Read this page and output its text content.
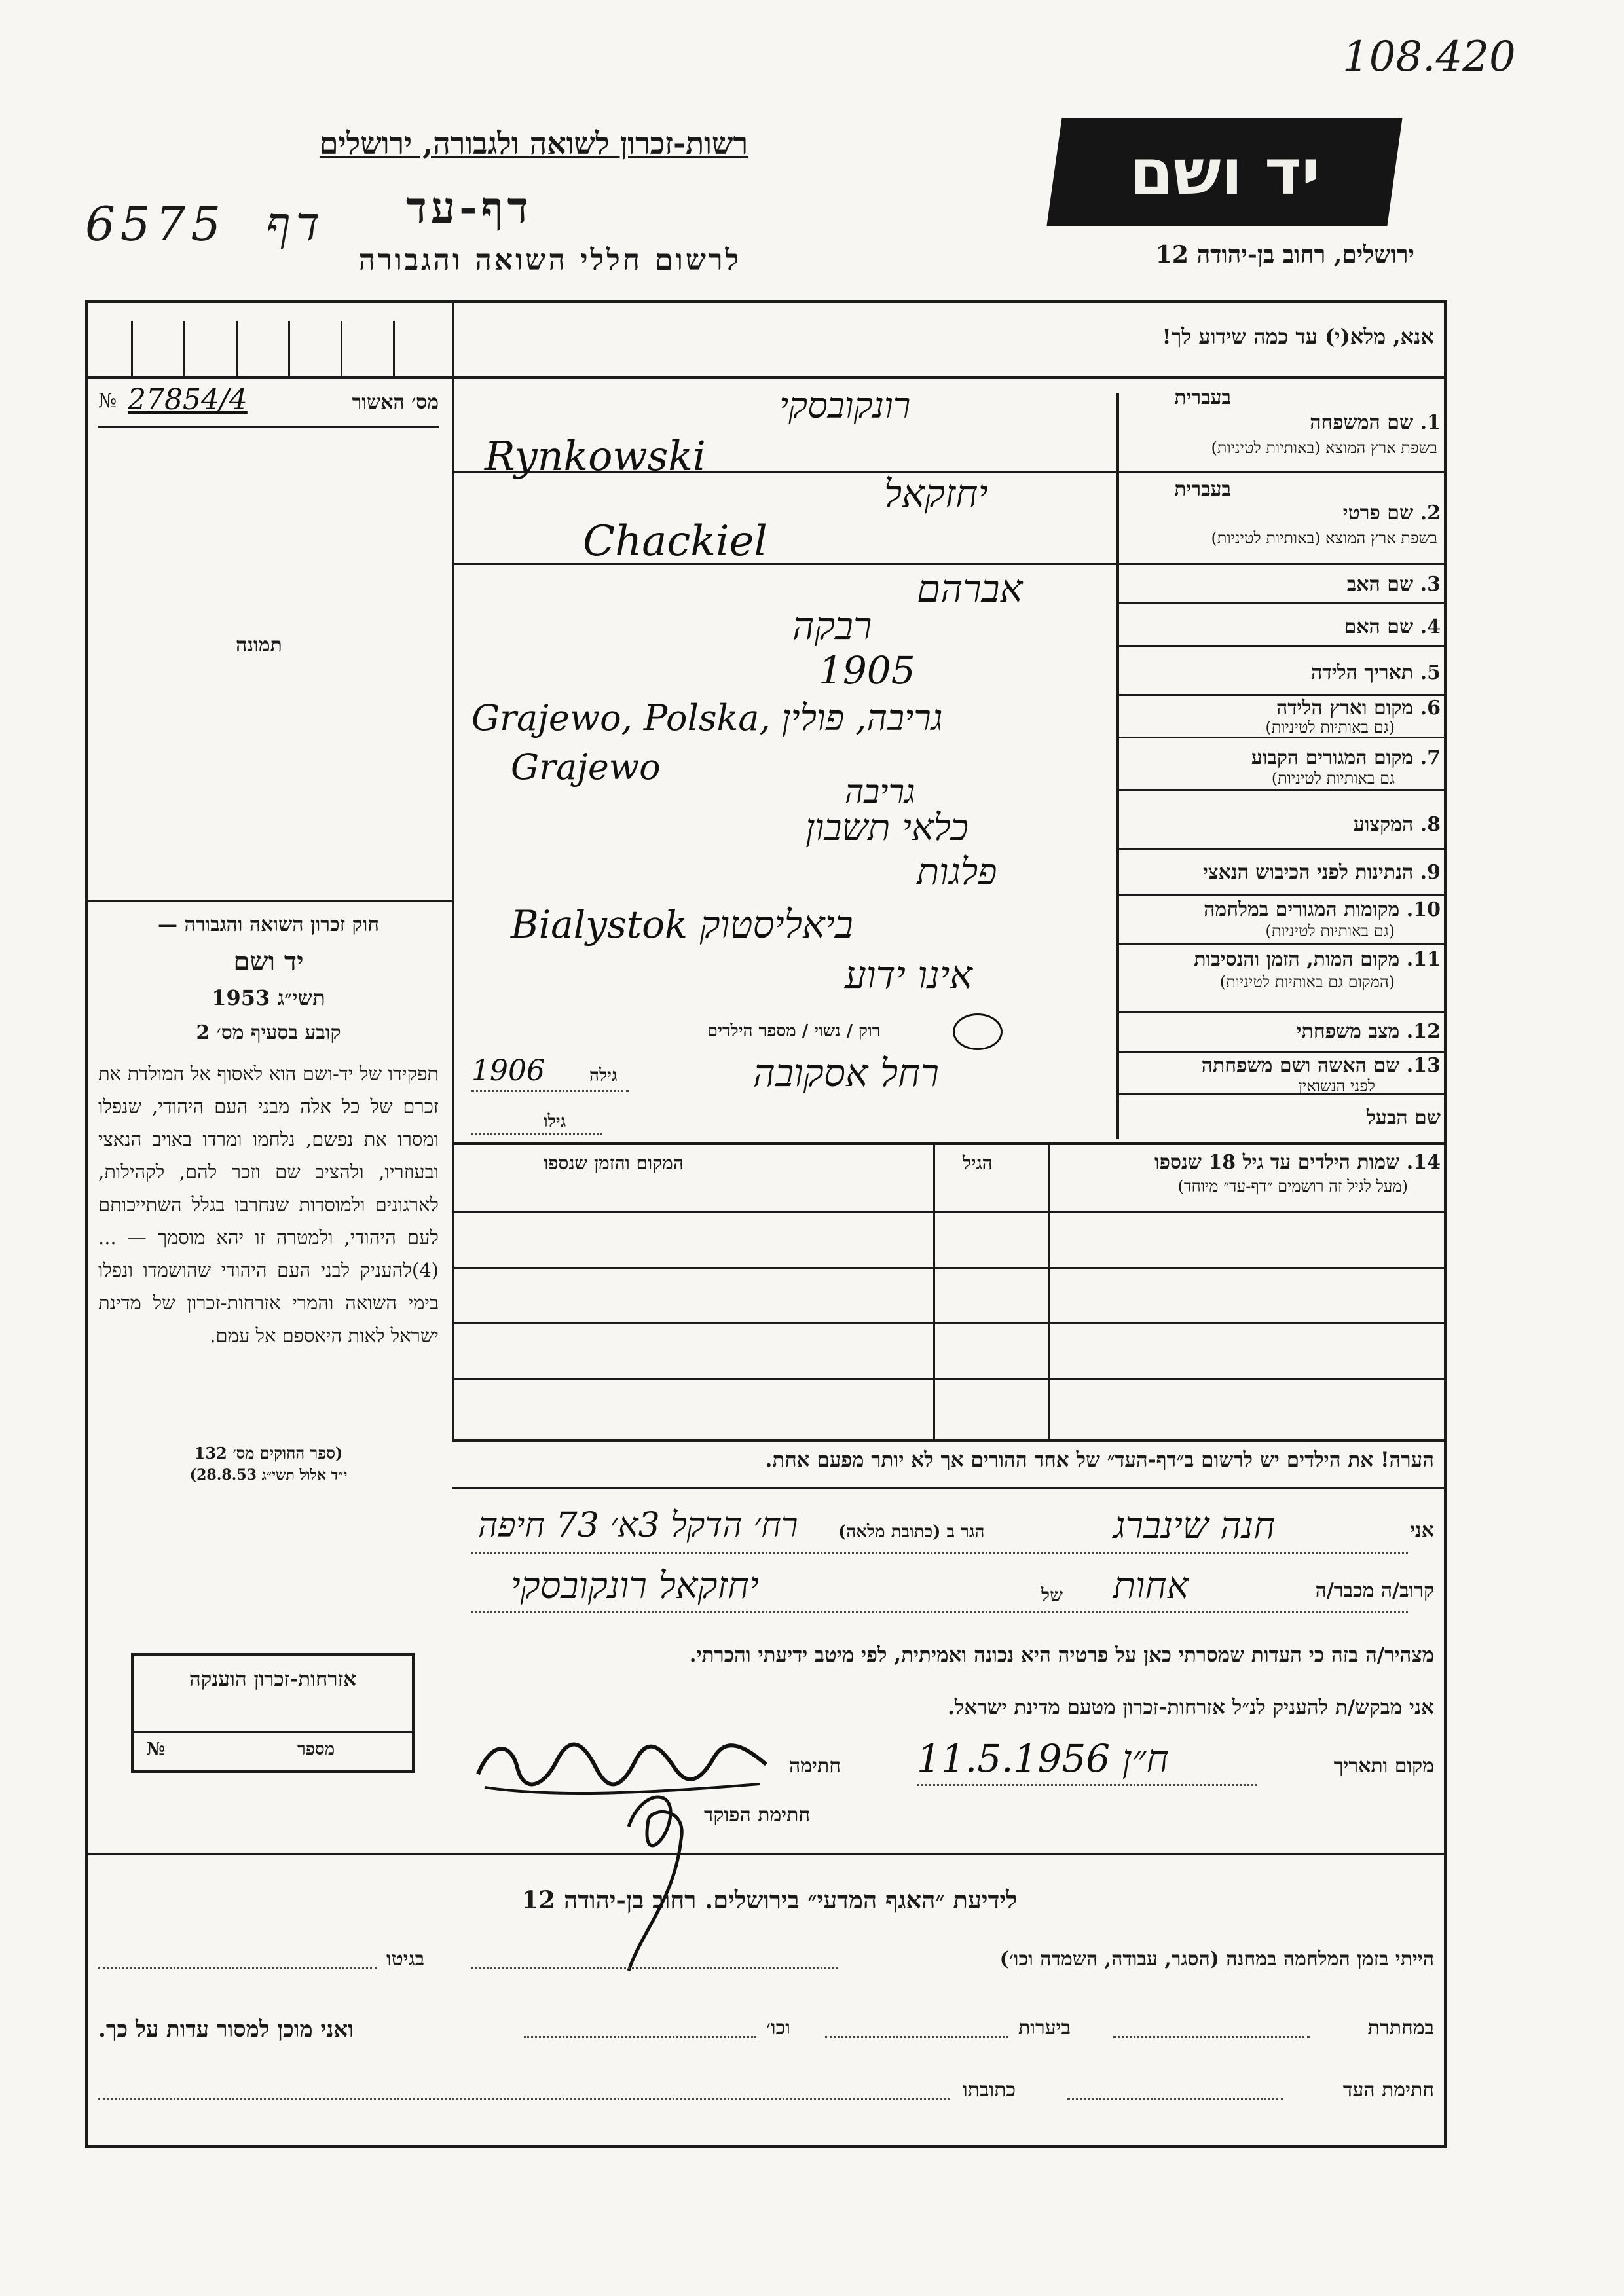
108.420
רשות-זכרון לשואה ולגבורה, ירושלים
דף-עד
6575 דף
לרשום חללי השואה והגבורה
יד ושם
ירושלים, רחוב בן-יהודה 12
אנא, מלא(י) עד כמה שידוע לך!
№ 27854/4	מס׳ האשור
תמונה
בעברית
1. שם המשפחה
בשפת ארץ המוצא (באותיות לטיניות)
רונקובסקי
Rynkowski
בעברית
2. שם פרטי
בשפת ארץ המוצא (באותיות לטיניות)
יחזקאל
Chackiel
3. שם האב
אברהם
4. שם האם
רבקה
5. תאריך הלידה
1905
6. מקום וארץ הלידה
(גם באותיות לטיניות)
Grajewo, Polska, גריבה, פולין
7. מקום המגורים הקבוע
גם באותיות לטיניות)
Grajewo
גריבה
8. המקצוע
כלאי תשבון
9. הנתינות לפני הכיבוש הנאצי
פלגות
10. מקומות המגורים במלחמה
(גם באותיות לטיניות)
Bialystok ביאליסטוק
11. מקום המות, הזמן והנסיבות
(המקום גם באותיות לטיניות)
אינו ידוע
12. מצב משפחתי
רוק / נשוי / מספר הילדים
13. שם האשה ושם משפחתה
לפני הנשואין
רחל אסקובה
גילה
1906
שם הבעל
גילו
14. שמות הילדים עד גיל 18 שנספו
(מעל לגיל זה רושמים ״דף-עד״ מיוחד)
הגיל
המקום והזמן שנספו
חוק זכרון השואה והגבורה —
יד ושם
תשי״ג 1953
קובע בסעיף מס׳ 2
תפקידו של יד-ושם הוא לאסוף אל המולדת את זכרם של כל אלה מבני העם היהודי, שנפלו ומסרו את נפשם, נלחמו ומרדו באויב הנאצי ובעוזריו, ולהציב שם וזכר להם, לקהילות, לארגונים ולמוסדות שנחרבו בגלל השתייכותם לעם היהודי, ולמטרה זו יהא מוסמך — ...(4)להעניק לבני העם היהודי שהושמדו ונפלו בימי השואה והמרי אזרחות-זכרון של מדינת ישראל לאות היאספם אל עמם.
(ספר החוקים מס׳ 132
י״ד אלול תשי״ג 28.8.53)
הערה! את הילדים יש לרשום ב״דף-העד״ של אחד ההורים אך לא יותר מפעם אחת.
אני
חנה שינברג
הגר ב (כתובת מלאה)
רח׳ הדקל 3א׳ 73 חיפה
קרוב/ה מכבר/ה
אחות
של
יחזקאל רונקובסקי
מצהיר/ה בזה כי העדות שמסרתי כאן על פרטיה היא נכונה ואמיתית, לפי מיטב ידיעתי והכרתי.
אני מבקש/ת להעניק לנ״ל אזרחות-זכרון מטעם מדינת ישראל.
מקום ותאריך
ח״ן 11.5.1956
חתימה
חתימת הפוקד
אזרחות-זכרון הוענקה
№	מספר
לידיעת ״האגף המדעי״ בירושלים. רחוב בן-יהודה 12
הייתי בזמן המלחמה במחנה (הסגר, עבודה, השמדה וכו׳)
בגיטו
במחתרת
ביערות
וכו׳
ואני מוכן למסור עדות על כך.
חתימת העד
כתובתו
